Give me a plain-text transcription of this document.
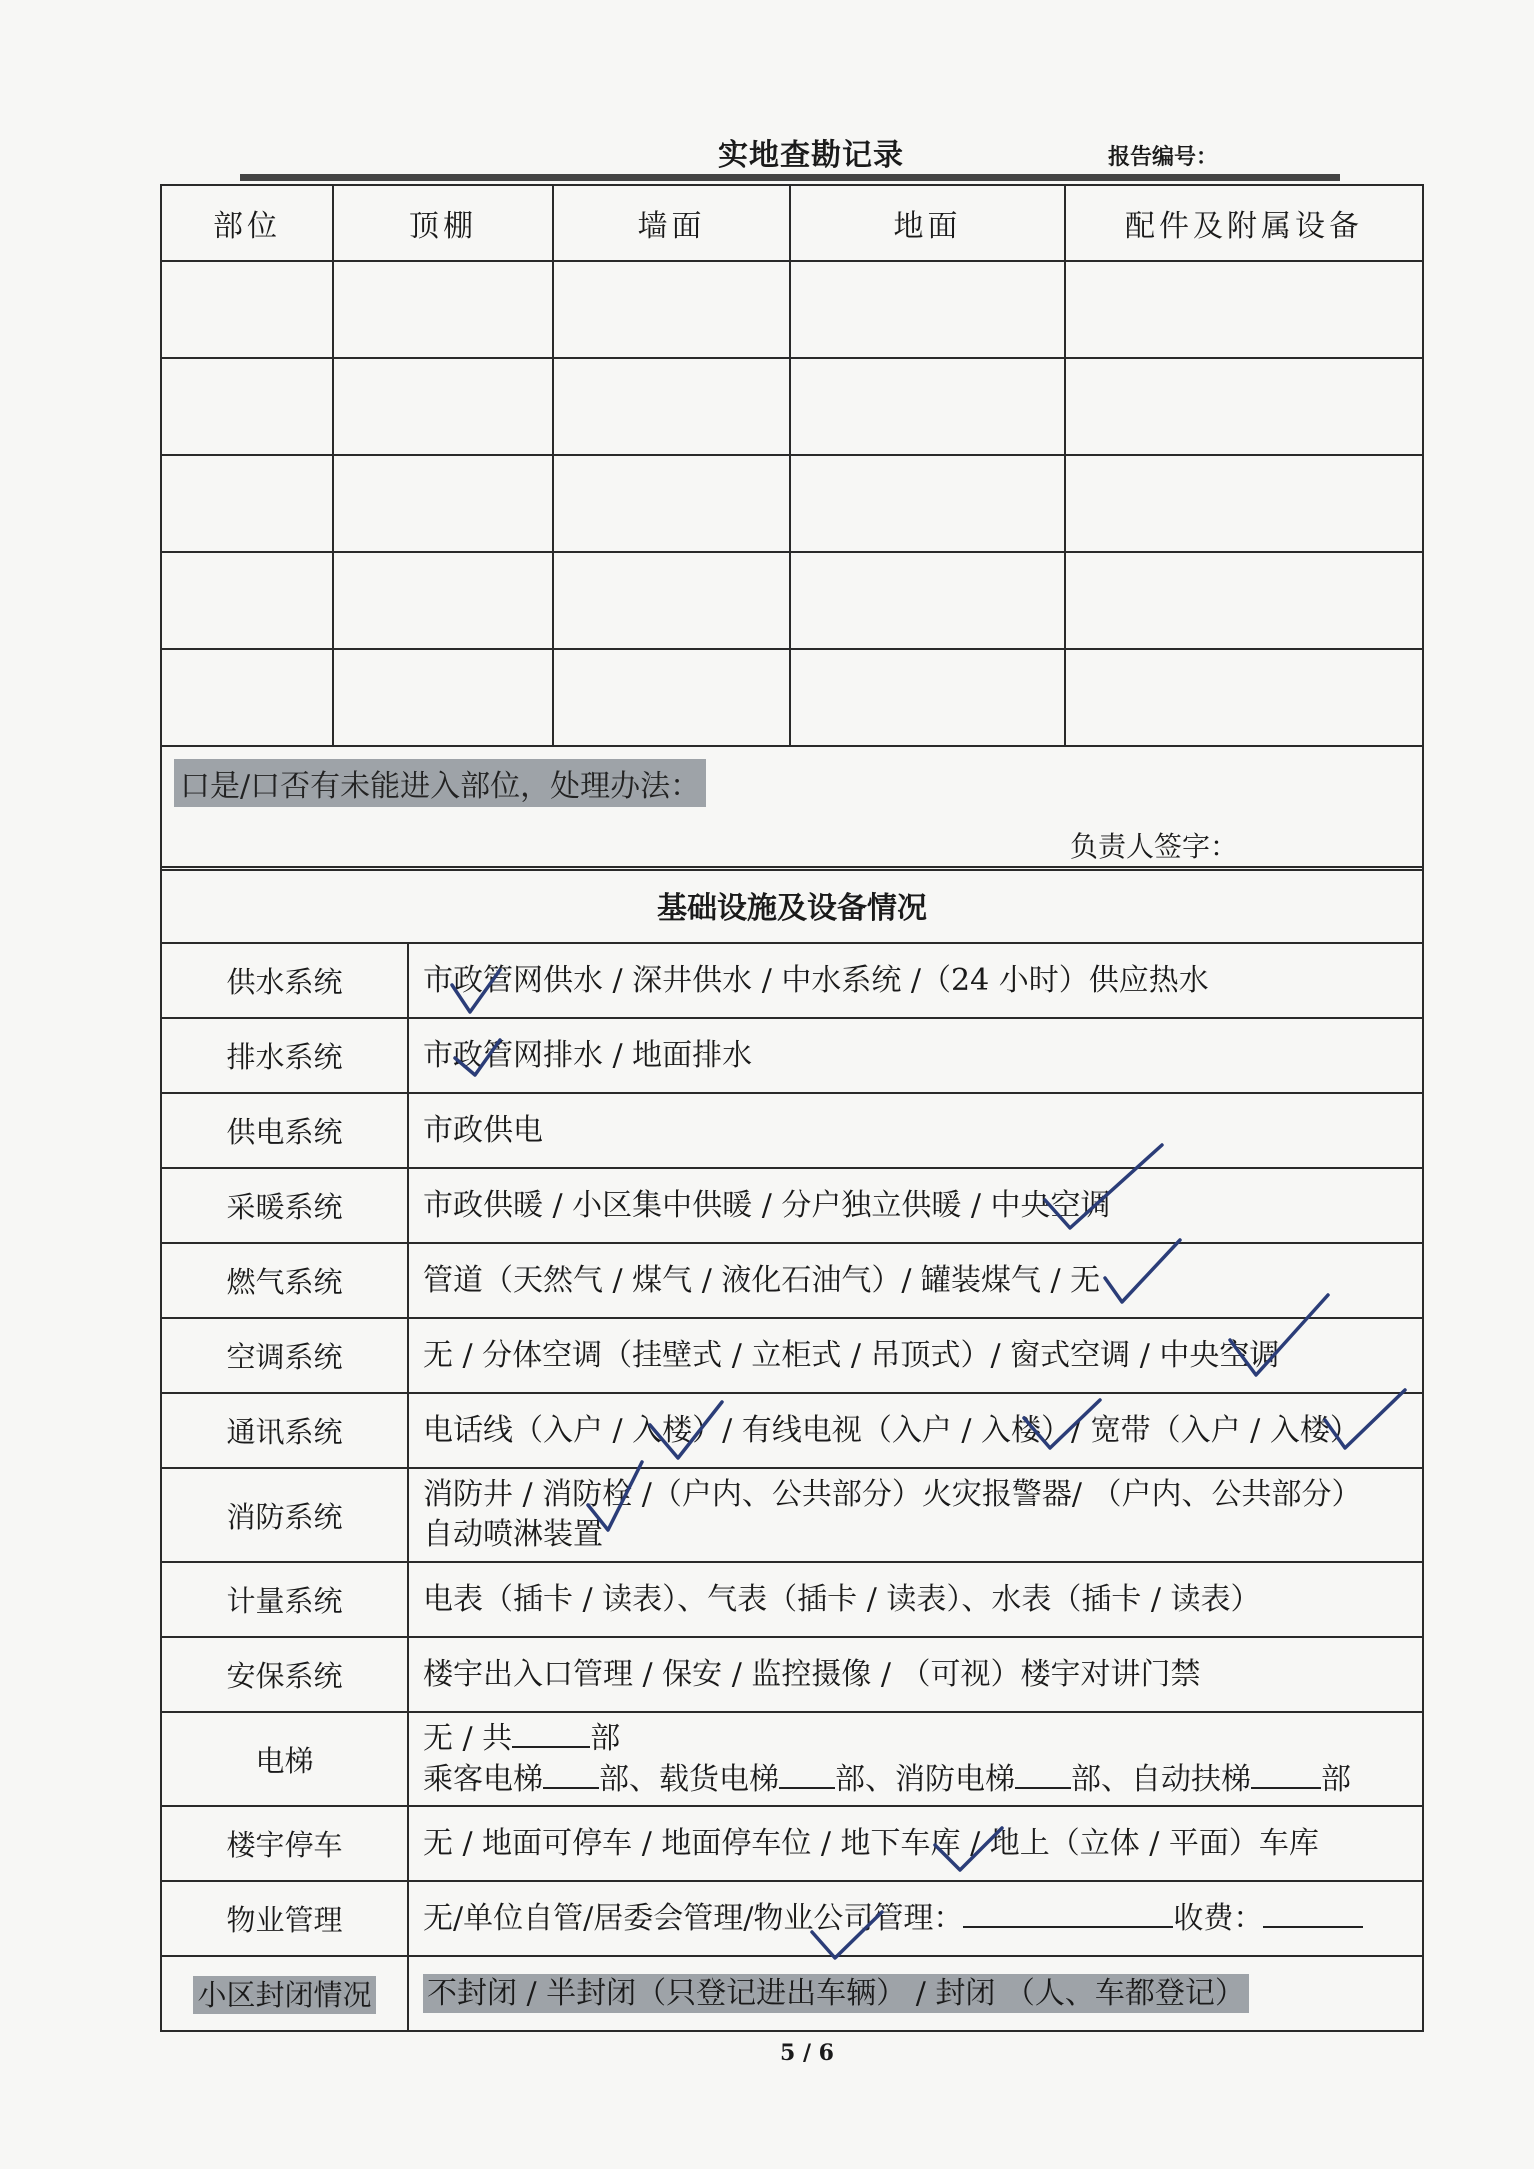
实地查勘记录	报告编号：
部位	顶棚	墙面	地面	配件及附属设备

口是/口否有未能进入部位，处理办法：
负责人签字：				
基础设施及设备情况	
供水系统	市政管网供水 / 深井供水 / 中水系统 /（24 小时）供应热水
排水系统	市政管网排水 / 地面排水
供电系统	市政供电
采暖系统	市政供暖 / 小区集中供暖 / 分户独立供暖 / 中央空调
燃气系统	管道（天然气 / 煤气 / 液化石油气）/ 罐装煤气 / 无
空调系统	无 / 分体空调（挂壁式 / 立柜式 / 吊顶式）/ 窗式空调 / 中央空调
通讯系统	电话线（入户 / 入楼）/ 有线电视（入户 / 入楼）/ 宽带（入户 / 入楼）
消防系统	消防井 / 消防栓 /（户内、公共部分）火灾报警器/ （户内、公共部分）
自动喷淋装置

计量系统	电表（插卡 / 读表）、气表（插卡 / 读表）、水表（插卡 / 读表）
安保系统	楼宇出入口管理 / 保安 / 监控摄像 / （可视）楼宇对讲门禁
电梯	无 / 共 部
乘客电梯 部、载货电梯 部、消防电梯 部、自动扶梯 部

楼宇停车	无 / 地面可停车 / 地面停车位 / 地下车库 / 地上（立体 / 平面）车库
物业管理	无/单位自管/居委会管理/物业公司管理： 收费：
小区封闭情况	不封闭 / 半封闭（只登记进出车辆） / 封闭 （人、车都登记）
5 / 6
